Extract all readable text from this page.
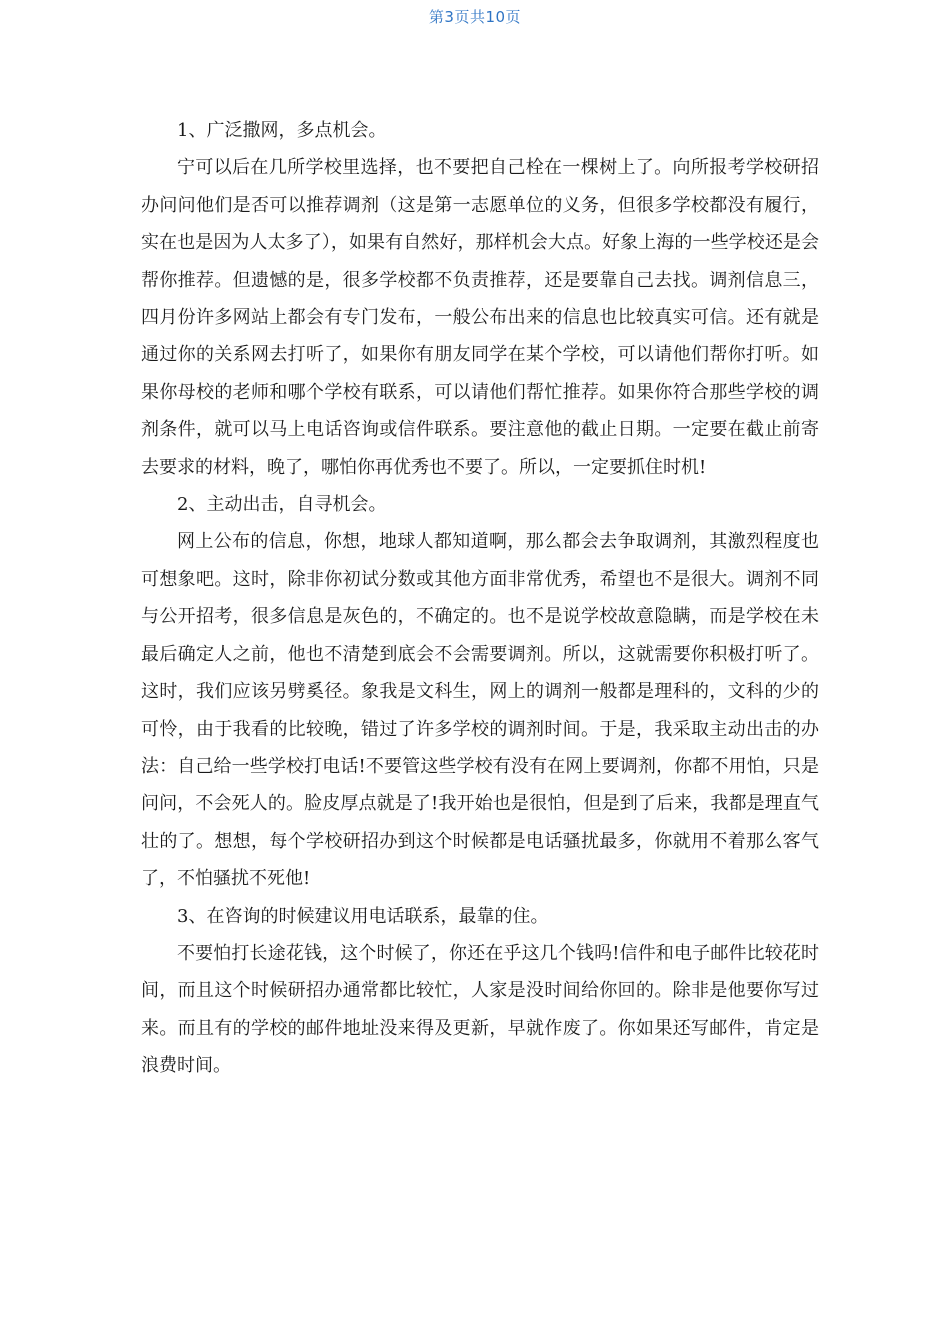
第3页共10页

1、广泛撒网，多点机会。

宁可以后在几所学校里选择，也不要把自己栓在一棵树上了。向所报考学校研招办问问他们是否可以推荐调剂（这是第一志愿单位的义务，但很多学校都没有履行，实在也是因为人太多了），如果有自然好，那样机会大点。好象上海的一些学校还是会帮你推荐。但遗憾的是，很多学校都不负责推荐，还是要靠自己去找。调剂信息三，四月份许多网站上都会有专门发布，一般公布出来的信息也比较真实可信。还有就是通过你的关系网去打听了，如果你有朋友同学在某个学校，可以请他们帮你打听。如果你母校的老师和哪个学校有联系，可以请他们帮忙推荐。如果你符合那些学校的调剂条件，就可以马上电话咨询或信件联系。要注意他的截止日期。一定要在截止前寄去要求的材料，晚了，哪怕你再优秀也不要了。所以，一定要抓住时机!

2、主动出击，自寻机会。

网上公布的信息，你想，地球人都知道啊，那么都会去争取调剂，其激烈程度也可想象吧。这时，除非你初试分数或其他方面非常优秀，希望也不是很大。调剂不同与公开招考，很多信息是灰色的，不确定的。也不是说学校故意隐瞒，而是学校在未最后确定人之前，他也不清楚到底会不会需要调剂。所以，这就需要你积极打听了。这时，我们应该另劈奚径。象我是文科生，网上的调剂一般都是理科的，文科的少的可怜，由于我看的比较晚，错过了许多学校的调剂时间。于是，我采取主动出击的办法：自己给一些学校打电话!不要管这些学校有没有在网上要调剂，你都不用怕，只是问问，不会死人的。脸皮厚点就是了!我开始也是很怕，但是到了后来，我都是理直气壮的了。想想，每个学校研招办到这个时候都是电话骚扰最多，你就用不着那么客气了，不怕骚扰不死他!

3、在咨询的时候建议用电话联系，最靠的住。

不要怕打长途花钱，这个时候了，你还在乎这几个钱吗!信件和电子邮件比较花时间，而且这个时候研招办通常都比较忙，人家是没时间给你回的。除非是他要你写过来。而且有的学校的邮件地址没来得及更新，早就作废了。你如果还写邮件，肯定是浪费时间。
